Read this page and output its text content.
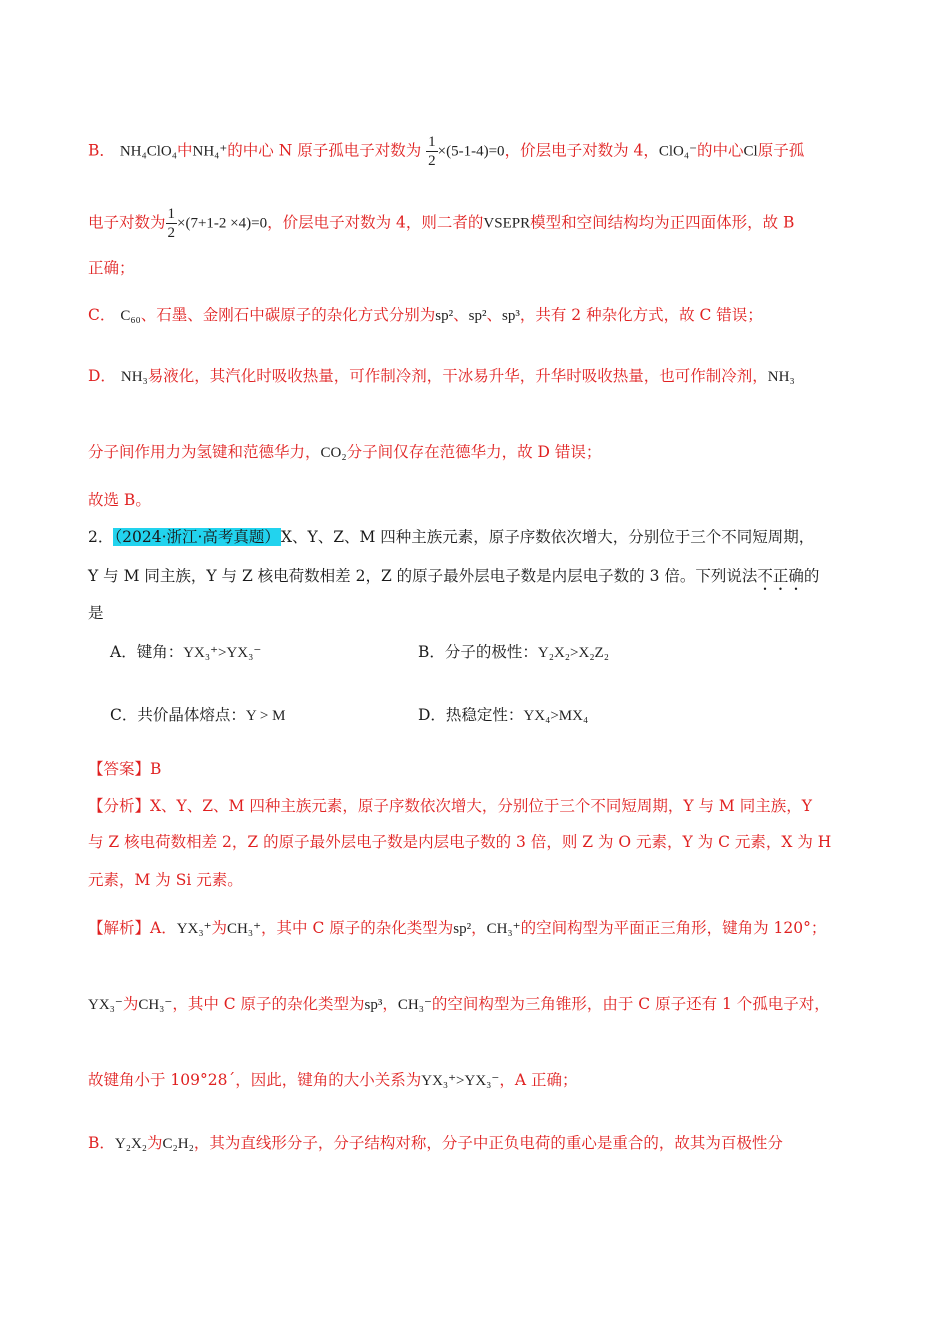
B． NH₄ClO₄中NH₄⁺的中心 N 原子孤电子对数为 $\frac{1}{2} \times(5-1-4)=0$，价层电子对数为 4，ClO₄⁻的中心Cl原子孤
电子对数为 $\frac{1}{2} \times(7+1-2 \times 4)=0$，价层电子对数为 4，则二者的VSEPR模型和空间结构均为正四面体形，故 B
正确；
C． C₆₀、石墨、金刚石中碳原子的杂化方式分别为sp²、sp²、sp³，共有 2 种杂化方式，故 C 错误；
D． NH₃易液化，其汽化时吸收热量，可作制冷剂，干冰易升华，升华时吸收热量，也可作制冷剂，NH₃
分子间作用力为氢键和范德华力，CO₂分子间仅存在范德华力，故 D 错误；
故选 B。
2．（2024·浙江·高考真题）X、Y、Z、M 四种主族元素，原子序数依次增大，分别位于三个不同短周期，
Y 与 M 同主族，Y 与 Z 核电荷数相差 2，Z 的原子最外层电子数是内层电子数的 3 倍。下列说法不正确的
是
A．键角：YX₃⁺>YX₃⁻	B．分子的极性：Y₂X₂>X₂Z₂
C．共价晶体熔点：Y > M	D．热稳定性：YX₄>MX₄
【答案】B
【分析】X、Y、Z、M 四种主族元素，原子序数依次增大，分别位于三个不同短周期，Y 与 M 同主族，Y
与 Z 核电荷数相差 2，Z 的原子最外层电子数是内层电子数的 3 倍，则 Z 为 O 元素，Y 为 C 元素，X 为 H
元素，M 为 Si 元素。
【解析】A．YX₃⁺为CH₃⁺，其中 C 原子的杂化类型为sp²，CH₃⁺的空间构型为平面正三角形，键角为 120°；
YX₃⁻为CH₃⁻，其中 C 原子的杂化类型为sp³，CH₃⁻的空间构型为三角锥形，由于 C 原子还有 1 个孤电子对，
故键角小于 109°28´，因此，键角的大小关系为YX₃⁺>YX₃⁻，A 正确；
B．Y₂X₂为C₂H₂，其为直线形分子，分子结构对称，分子中正负电荷的重心是重合的，故其为百极性分
